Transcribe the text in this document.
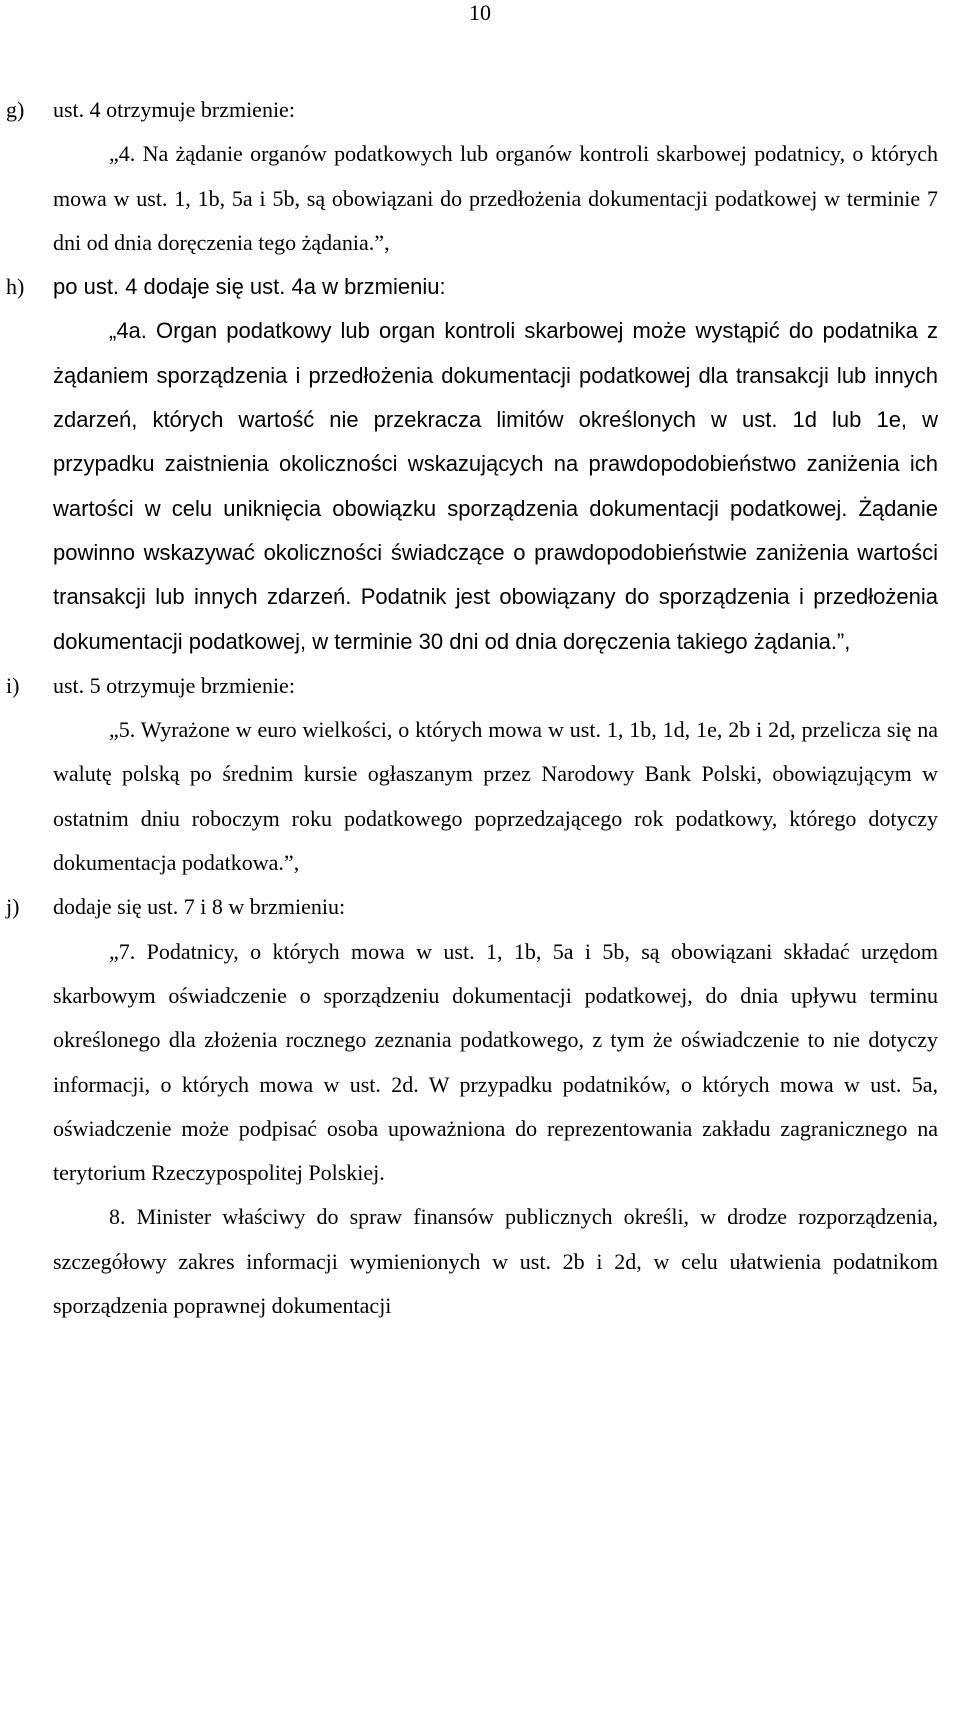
10
g)	ust. 4 otrzymuje brzmienie:
„4. Na żądanie organów podatkowych lub organów kontroli skarbowej podatnicy, o których mowa w ust. 1, 1b, 5a i 5b, są obowiązani do przedłożenia dokumentacji podatkowej w terminie 7 dni od dnia doręczenia tego żądania.”,
h)	po ust. 4 dodaje się ust. 4a w brzmieniu:
„4a. Organ podatkowy lub organ kontroli skarbowej może wystąpić do podatnika z żądaniem sporządzenia i przedłożenia dokumentacji podatkowej dla transakcji lub innych zdarzeń, których wartość nie przekracza limitów określonych w ust. 1d lub 1e, w przypadku zaistnienia okoliczności wskazujących na prawdopodobieństwo zaniżenia ich wartości w celu uniknięcia obowiązku sporządzenia dokumentacji podatkowej. Żądanie powinno wskazywać okoliczności świadczące o prawdopodobieństwie zaniżenia wartości transakcji lub innych zdarzeń. Podatnik jest obowiązany do sporządzenia i przedłożenia dokumentacji podatkowej, w terminie 30 dni od dnia doręczenia takiego żądania.”,
i)	ust. 5 otrzymuje brzmienie:
„5. Wyrażone w euro wielkości, o których mowa w ust. 1, 1b, 1d, 1e, 2b i 2d, przelicza się na walutę polską po średnim kursie ogłaszanym przez Narodowy Bank Polski, obowiązującym w ostatnim dniu roboczym roku podatkowego poprzedzającego rok podatkowy, którego dotyczy dokumentacja podatkowa.”,
j)	dodaje się ust. 7 i 8 w brzmieniu:
„7. Podatnicy, o których mowa w ust. 1, 1b, 5a i 5b, są obowiązani składać urzędom skarbowym oświadczenie o sporządzeniu dokumentacji podatkowej, do dnia upływu terminu określonego dla złożenia rocznego zeznania podatkowego, z tym że oświadczenie to nie dotyczy informacji, o których mowa w ust. 2d. W przypadku podatników, o których mowa w ust. 5a, oświadczenie może podpisać osoba upoważniona do reprezentowania zakładu zagranicznego na terytorium Rzeczypospolitej Polskiej.
8. Minister właściwy do spraw finansów publicznych określi, w drodze rozporządzenia, szczegółowy zakres informacji wymienionych w ust. 2b i 2d, w celu ułatwienia podatnikom sporządzenia poprawnej dokumentacji
